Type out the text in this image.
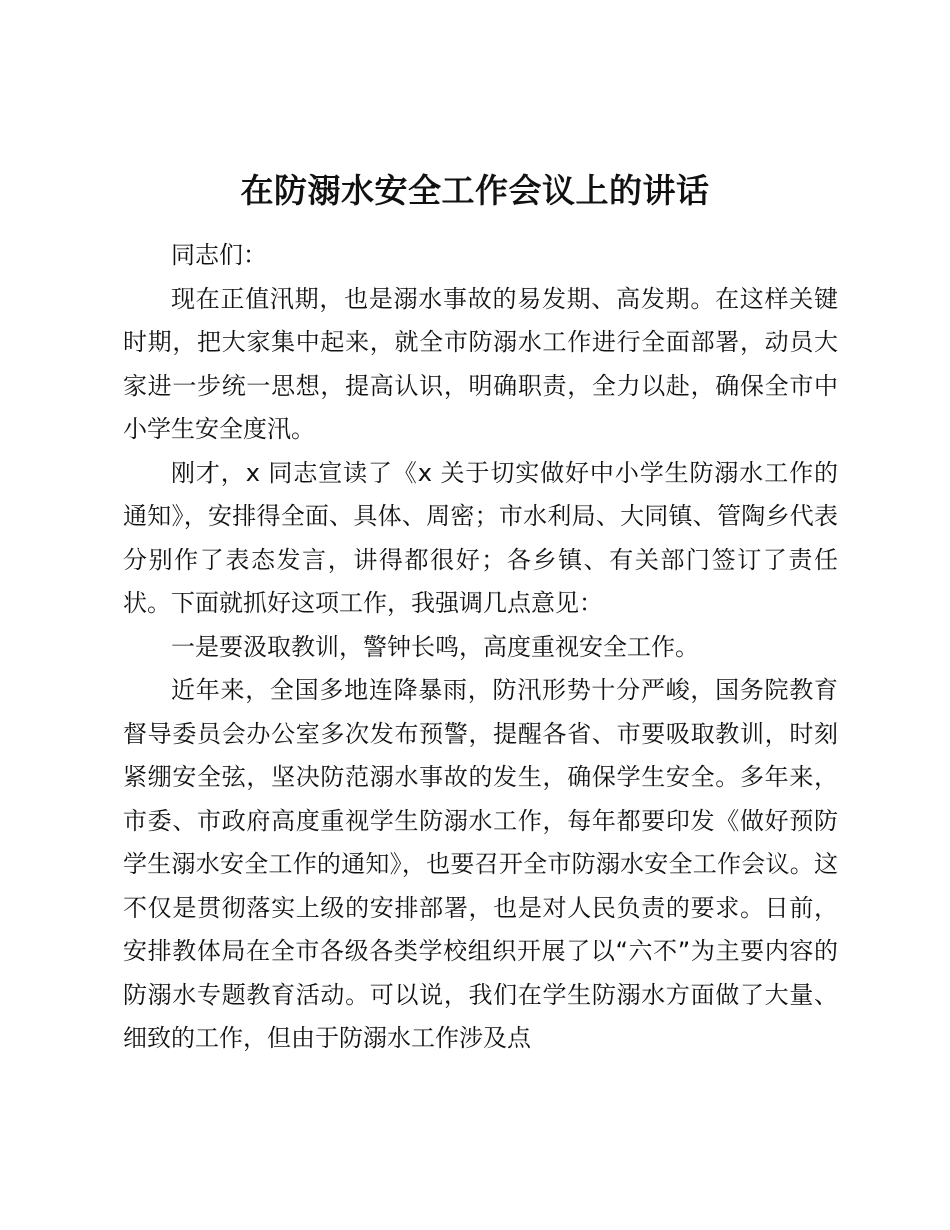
在防溺水安全工作会议上的讲话

同志们：

现在正值汛期，也是溺水事故的易发期、高发期。在这样关键时期，把大家集中起来，就全市防溺水工作进行全面部署，动员大家进一步统一思想，提高认识，明确职责，全力以赴，确保全市中小学生安全度汛。

刚才，x 同志宣读了《x 关于切实做好中小学生防溺水工作的通知》，安排得全面、具体、周密；市水利局、大同镇、管陶乡代表分别作了表态发言，讲得都很好；各乡镇、有关部门签订了责任状。下面就抓好这项工作，我强调几点意见：

一是要汲取教训，警钟长鸣，高度重视安全工作。

近年来，全国多地连降暴雨，防汛形势十分严峻，国务院教育督导委员会办公室多次发布预警，提醒各省、市要吸取教训，时刻紧绷安全弦，坚决防范溺水事故的发生，确保学生安全。多年来，市委、市政府高度重视学生防溺水工作，每年都要印发《做好预防学生溺水安全工作的通知》，也要召开全市防溺水安全工作会议。这不仅是贯彻落实上级的安排部署，也是对人民负责的要求。日前，安排教体局在全市各级各类学校组织开展了以“六不”为主要内容的防溺水专题教育活动。可以说，我们在学生防溺水方面做了大量、细致的工作，但由于防溺水工作涉及点
